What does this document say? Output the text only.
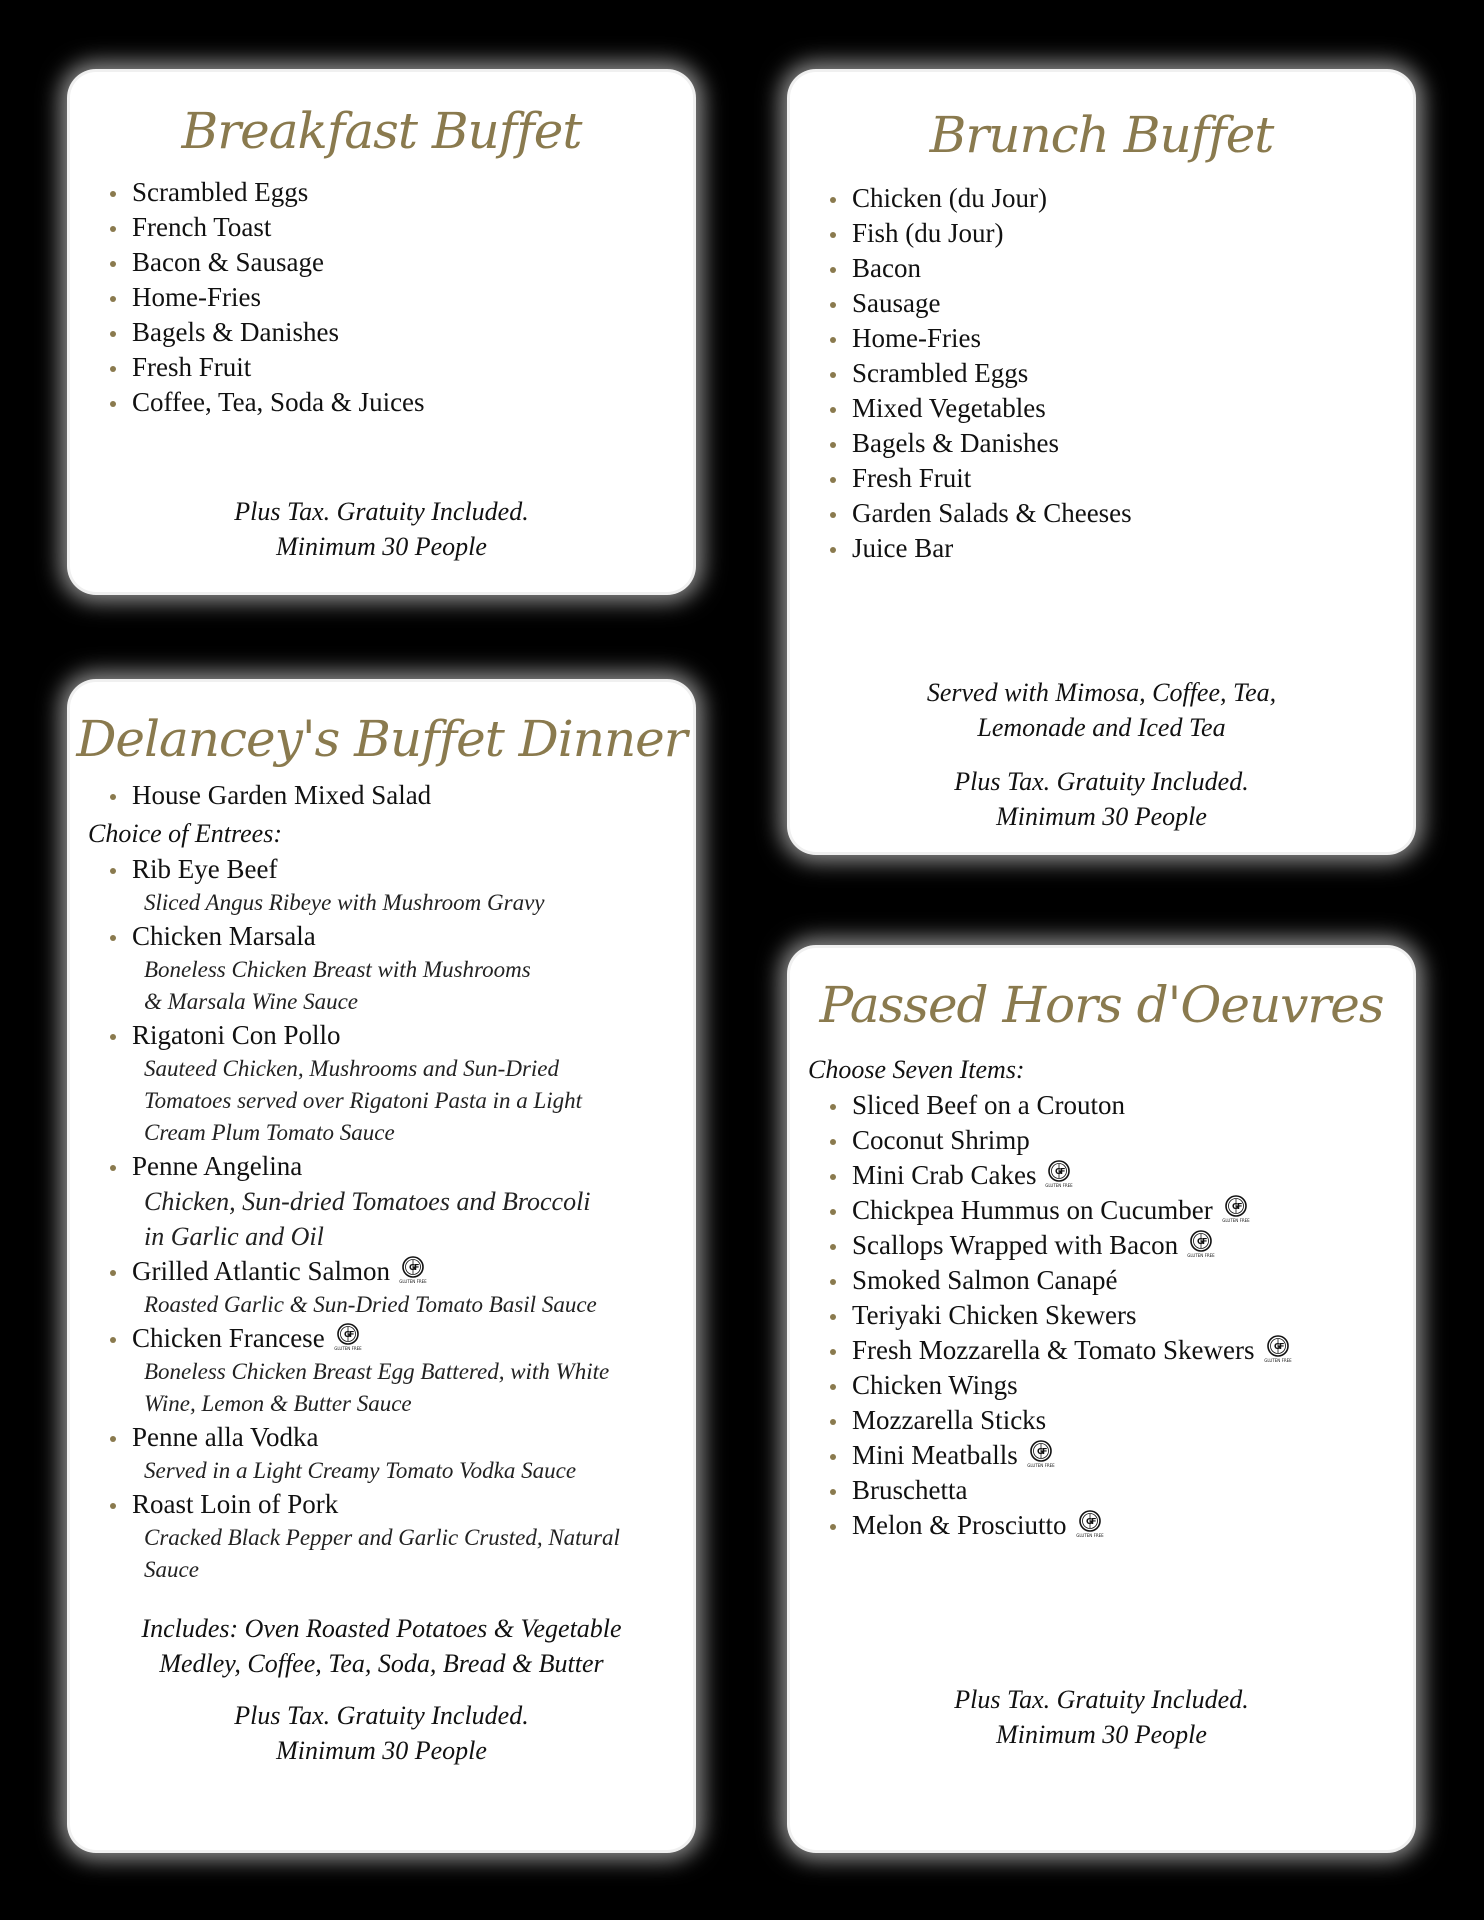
Breakfast Buffet
Scrambled Eggs
French Toast
Bacon & Sausage
Home-Fries
Bagels & Danishes
Fresh Fruit
Coffee, Tea, Soda & Juices
Plus Tax. Gratuity Included.
Minimum 30 People
Brunch Buffet
Chicken (du Jour)
Fish (du Jour)
Bacon
Sausage
Home-Fries
Scrambled Eggs
Mixed Vegetables
Bagels & Danishes
Fresh Fruit
Garden Salads & Cheeses
Juice Bar
Served with Mimosa, Coffee, Tea,
Lemonade and Iced Tea
Plus Tax. Gratuity Included.
Minimum 30 People
Delancey's Buffet Dinner
House Garden Mixed Salad
Choice of Entrees:
Rib Eye Beef
Sliced Angus Ribeye with Mushroom Gravy
Chicken Marsala
Boneless Chicken Breast with Mushrooms
& Marsala Wine Sauce
Rigatoni Con Pollo
Sauteed Chicken, Mushrooms and Sun-Dried
Tomatoes served over Rigatoni Pasta in a Light
Cream Plum Tomato Sauce
Penne Angelina
Chicken, Sun-dried Tomatoes and Broccoli
in Garlic and Oil
Grilled Atlantic Salmon
Roasted Garlic & Sun-Dried Tomato Basil Sauce
Chicken Francese
Boneless Chicken Breast Egg Battered, with White
Wine, Lemon & Butter Sauce
Penne alla Vodka
Served in a Light Creamy Tomato Vodka Sauce
Roast Loin of Pork
Cracked Black Pepper and Garlic Crusted, Natural
Sauce
Includes: Oven Roasted Potatoes & Vegetable
Medley, Coffee, Tea, Soda, Bread & Butter
Plus Tax. Gratuity Included.
Minimum 30 People
Passed Hors d'Oeuvres
Choose Seven Items:
Sliced Beef on a Crouton
Coconut Shrimp
Mini Crab Cakes
Chickpea Hummus on Cucumber
Scallops Wrapped with Bacon
Smoked Salmon Canapé
Teriyaki Chicken Skewers
Fresh Mozzarella & Tomato Skewers
Chicken Wings
Mozzarella Sticks
Mini Meatballs
Bruschetta
Melon & Prosciutto
Plus Tax. Gratuity Included.
Minimum 30 People
